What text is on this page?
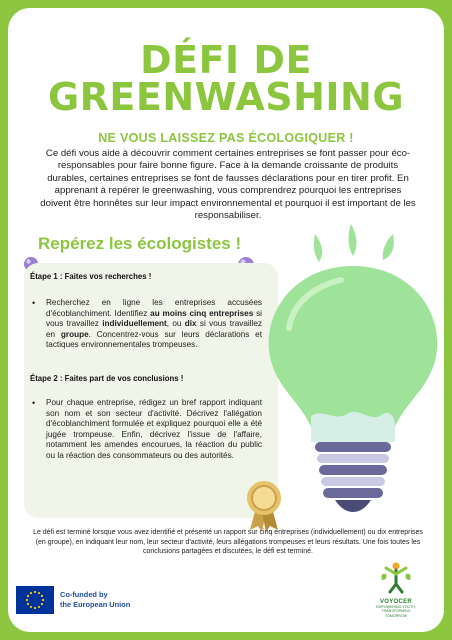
DÉFI DE
GREENWASHING
NE VOUS LAISSEZ PAS ÉCOLOGIQUER !
Ce défi vous aide à découvrir comment certaines entreprises se font passer pour éco-responsables pour faire bonne figure. Face à la demande croissante de produits durables, certaines entreprises se font de fausses déclarations pour en tirer profit. En apprenant à repérer le greenwashing, vous comprendrez pourquoi les entreprises doivent être honnêtes sur leur impact environnemental et pourquoi il est important de les responsabiliser.
Repérez les écologistes !
Étape 1 : Faites vos recherches !
• Recherchez en ligne les entreprises accusées d'écoblanchiment. Identifiez au moins cinq entreprises si vous travaillez individuellement, ou dix si vous travaillez en groupe. Concentrez-vous sur leurs déclarations et tactiques environnementales trompeuses.
Étape 2 : Faites part de vos conclusions !
• Pour chaque entreprise, rédigez un bref rapport indiquant son nom et son secteur d'activité. Décrivez l'allégation d'écoblanchiment formulée et expliquez pourquoi elle a été jugée trompeuse. Enfin, décrivez l'issue de l'affaire, notamment les amendes encourues, la réaction du public ou la réaction des consommateurs ou des autorités.
Le défi est terminé lorsque vous avez identifié et présenté un rapport sur cinq entreprises (individuellement) ou dix entreprises (en groupe), en indiquant leur nom, leur secteur d'activité, leurs allégations trompeuses et leurs résultats. Une fois toutes les conclusions partagées et discutées, le défi est terminé.
Co-funded by
the European Union	VOYOCER
EMPOWERING YOUTH,
TRANSFORMING
TOMORROW
